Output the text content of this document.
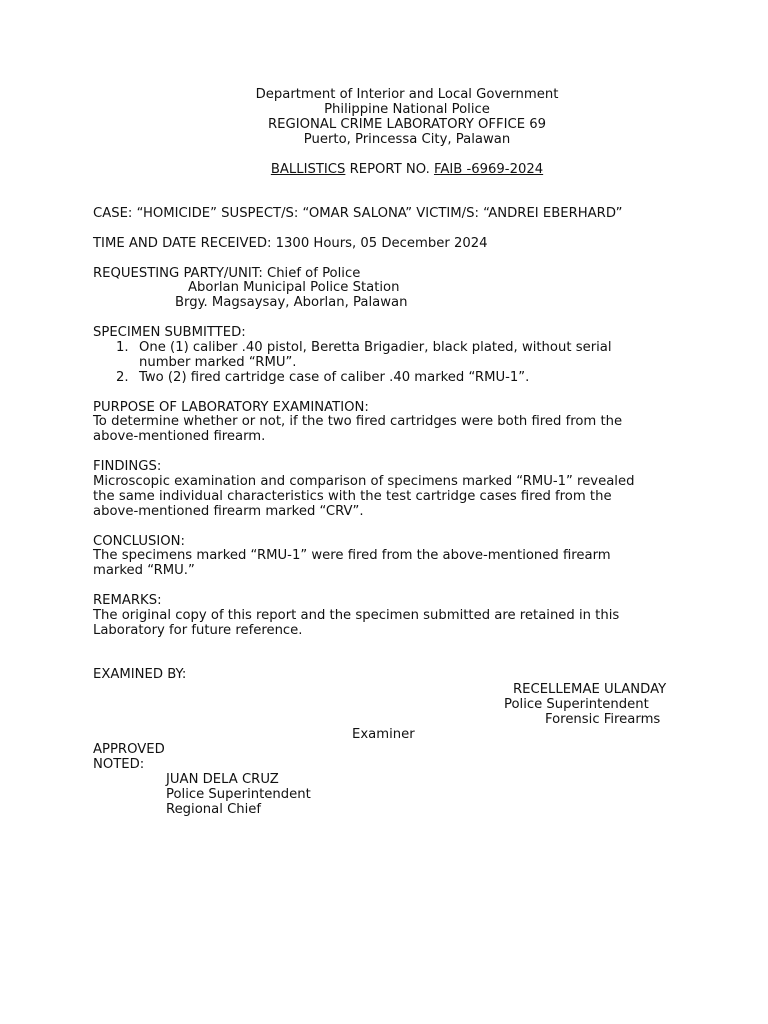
Department of Interior and Local Government
Philippine National Police
REGIONAL CRIME LABORATORY OFFICE 69
Puerto, Princessa City, Palawan
BALLISTICS REPORT NO. FAIB -6969-2024
CASE: “HOMICIDE” SUSPECT/S: “OMAR SALONA” VICTIM/S: “ANDREI EBERHARD”
TIME AND DATE RECEIVED: 1300 Hours, 05 December 2024
REQUESTING PARTY/UNIT: Chief of Police
Aborlan Municipal Police Station
Brgy. Magsaysay, Aborlan, Palawan
SPECIMEN SUBMITTED:
1. One (1) caliber .40 pistol, Beretta Brigadier, black plated, without serial
number marked “RMU”.
2. Two (2) fired cartridge case of caliber .40 marked “RMU-1”.
PURPOSE OF LABORATORY EXAMINATION:
To determine whether or not, if the two fired cartridges were both fired from the
above-mentioned firearm.
FINDINGS:
Microscopic examination and comparison of specimens marked “RMU-1” revealed
the same individual characteristics with the test cartridge cases fired from the
above-mentioned firearm marked “CRV”.
CONCLUSION:
The specimens marked “RMU-1” were fired from the above-mentioned firearm
marked “RMU.”
REMARKS:
The original copy of this report and the specimen submitted are retained in this
Laboratory for future reference.
EXAMINED BY:
RECELLEMAE ULANDAY
Police Superintendent
Forensic Firearms
Examiner
APPROVED
NOTED:
JUAN DELA CRUZ
Police Superintendent
Regional Chief
